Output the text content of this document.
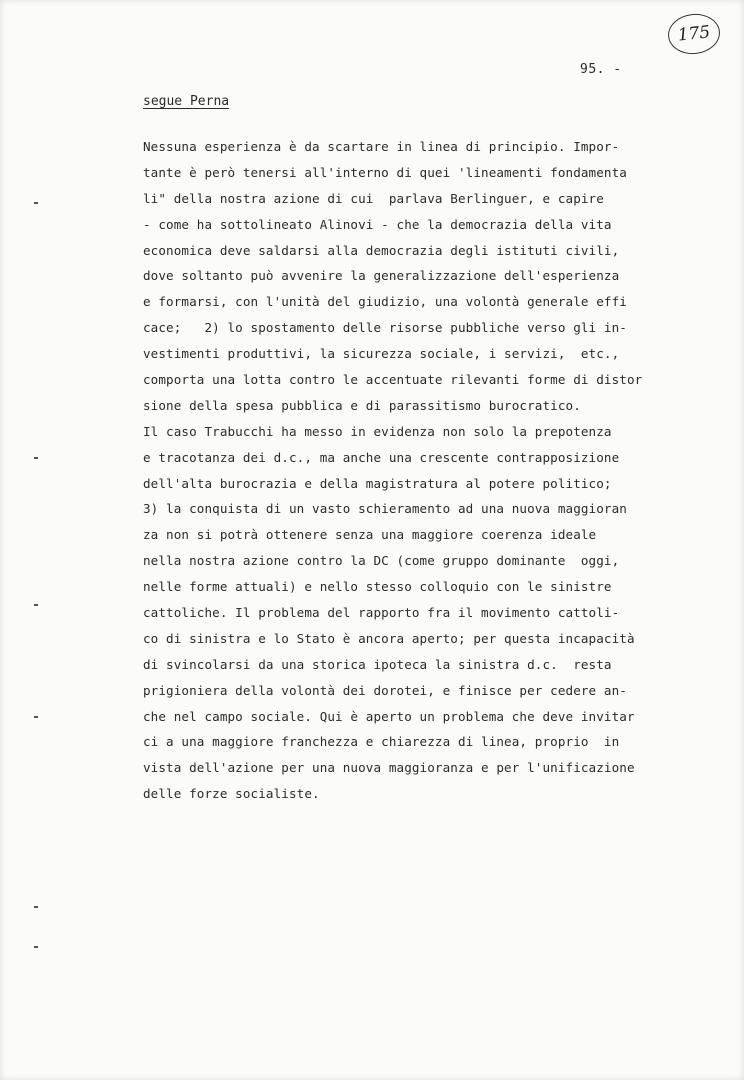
175
95. -
segue Perna
Nessuna esperienza è da scartare in linea di principio. Impor-
tante è però tenersi all'interno di quei 'lineamenti fondamenta
li" della nostra azione di cui  parlava Berlinguer, e capire
- come ha sottolineato Alinovi - che la democrazia della vita
economica deve saldarsi alla democrazia degli istituti civili,
dove soltanto può avvenire la generalizzazione dell'esperienza
e formarsi, con l'unità del giudizio, una volontà generale effi
cace;   2) lo spostamento delle risorse pubbliche verso gli in-
vestimenti produttivi, la sicurezza sociale, i servizi,  etc.,
comporta una lotta contro le accentuate rilevanti forme di distor
sione della spesa pubblica e di parassitismo burocratico.
Il caso Trabucchi ha messo in evidenza non solo la prepotenza
e tracotanza dei d.c., ma anche una crescente contrapposizione
dell'alta burocrazia e della magistratura al potere politico;
3) la conquista di un vasto schieramento ad una nuova maggioran
za non si potrà ottenere senza una maggiore coerenza ideale
nella nostra azione contro la DC (come gruppo dominante  oggi,
nelle forme attuali) e nello stesso colloquio con le sinistre
cattoliche. Il problema del rapporto fra il movimento cattoli-
co di sinistra e lo Stato è ancora aperto; per questa incapacità
di svincolarsi da una storica ipoteca la sinistra d.c.  resta
prigioniera della volontà dei dorotei, e finisce per cedere an-
che nel campo sociale. Qui è aperto un problema che deve invitar
ci a una maggiore franchezza e chiarezza di linea, proprio  in
vista dell'azione per una nuova maggioranza e per l'unificazione
delle forze socialiste.
